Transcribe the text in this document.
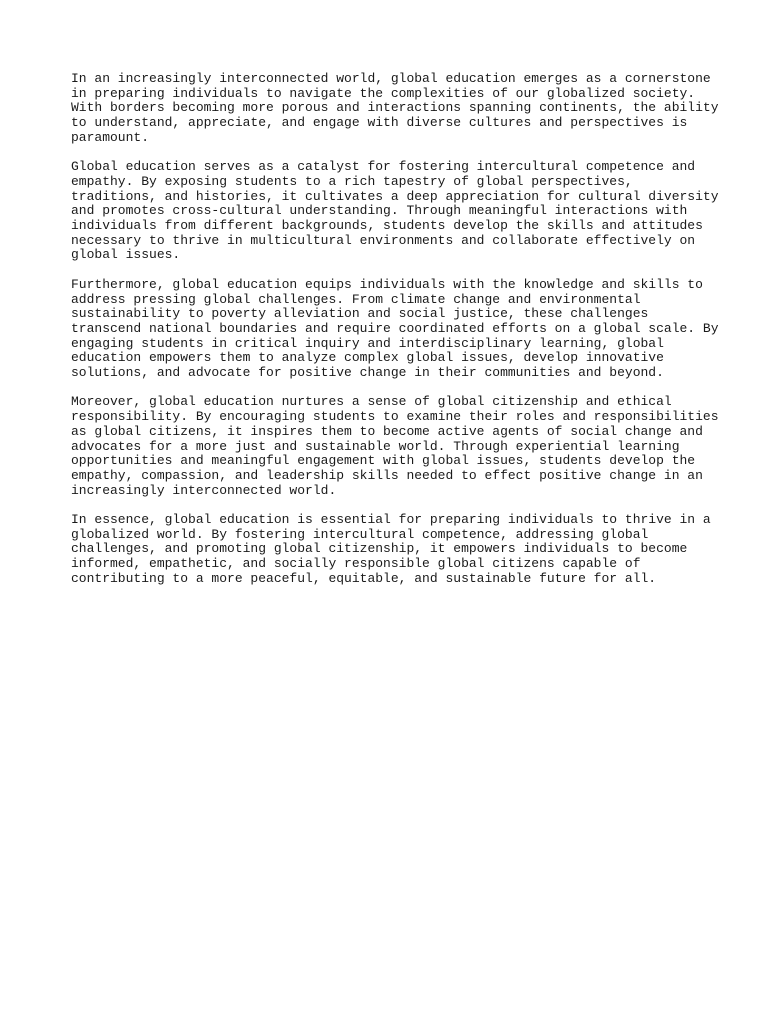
In an increasingly interconnected world, global education emerges as a cornerstone
in preparing individuals to navigate the complexities of our globalized society.
With borders becoming more porous and interactions spanning continents, the ability
to understand, appreciate, and engage with diverse cultures and perspectives is
paramount.

Global education serves as a catalyst for fostering intercultural competence and
empathy. By exposing students to a rich tapestry of global perspectives,
traditions, and histories, it cultivates a deep appreciation for cultural diversity
and promotes cross-cultural understanding. Through meaningful interactions with
individuals from different backgrounds, students develop the skills and attitudes
necessary to thrive in multicultural environments and collaborate effectively on
global issues.

Furthermore, global education equips individuals with the knowledge and skills to
address pressing global challenges. From climate change and environmental
sustainability to poverty alleviation and social justice, these challenges
transcend national boundaries and require coordinated efforts on a global scale. By
engaging students in critical inquiry and interdisciplinary learning, global
education empowers them to analyze complex global issues, develop innovative
solutions, and advocate for positive change in their communities and beyond.

Moreover, global education nurtures a sense of global citizenship and ethical
responsibility. By encouraging students to examine their roles and responsibilities
as global citizens, it inspires them to become active agents of social change and
advocates for a more just and sustainable world. Through experiential learning
opportunities and meaningful engagement with global issues, students develop the
empathy, compassion, and leadership skills needed to effect positive change in an
increasingly interconnected world.

In essence, global education is essential for preparing individuals to thrive in a
globalized world. By fostering intercultural competence, addressing global
challenges, and promoting global citizenship, it empowers individuals to become
informed, empathetic, and socially responsible global citizens capable of
contributing to a more peaceful, equitable, and sustainable future for all.
